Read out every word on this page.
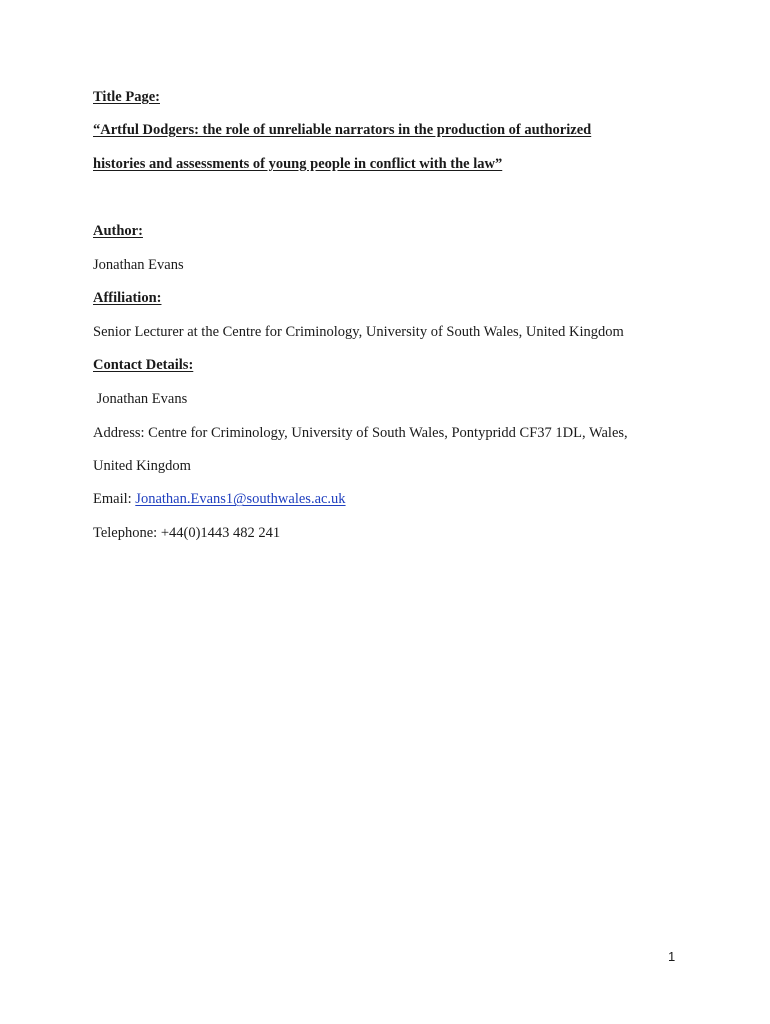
Title Page:
“Artful Dodgers: the role of unreliable narrators in the production of authorized
histories and assessments of young people in conflict with the law”
Author:
Jonathan Evans
Affiliation:
Senior Lecturer at the Centre for Criminology, University of South Wales, United Kingdom
Contact Details:
Jonathan Evans
Address: Centre for Criminology, University of South Wales, Pontypridd CF37 1DL, Wales,
United Kingdom
Email: Jonathan.Evans1@southwales.ac.uk
Telephone: +44(0)1443 482 241
1
